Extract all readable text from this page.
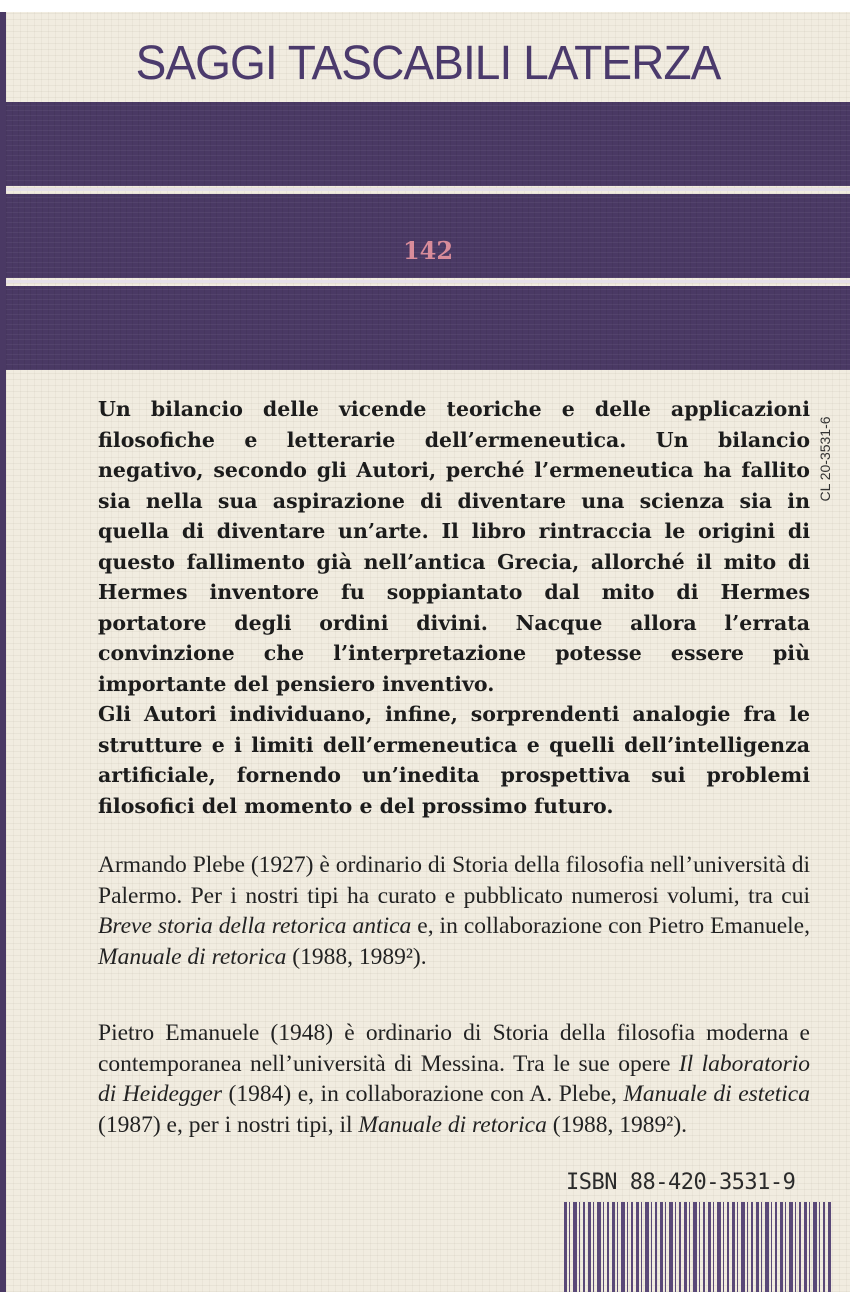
SAGGI TASCABILI LATERZA
142

Un bilancio delle vicende teoriche e delle applicazioni filosofiche e letterarie dell’ermeneutica. Un bilancio negativo, secondo gli Autori, perché l’ermeneutica ha fallito sia nella sua aspirazione di diventare una scienza sia in quella di diventare un’arte. Il libro rintraccia le origini di questo fallimento già nell’antica Grecia, allorché il mito di Hermes inventore fu soppiantato dal mito di Hermes portatore degli ordini divini. Nacque allora l’errata convinzione che l’interpretazione potesse essere più importante del pensiero inventivo.

Gli Autori individuano, infine, sorprendenti analogie fra le strutture e i limiti dell’ermeneutica e quelli dell’intelligenza artificiale, fornendo un’inedita prospettiva sui problemi filosofici del momento e del prossimo futuro.

CL 20-3531-6

Armando Plebe (1927) è ordinario di Storia della filosofia nell’università di Palermo. Per i nostri tipi ha curato e pubblicato numerosi volumi, tra cui Breve storia della retorica antica e, in collaborazione con Pietro Emanuele, Manuale di retorica (1988, 1989²).

Pietro Emanuele (1948) è ordinario di Storia della filosofia moderna e contemporanea nell’università di Messina. Tra le sue opere Il laboratorio di Heidegger (1984) e, in collaborazione con A. Plebe, Manuale di estetica (1987) e, per i nostri tipi, il Manuale di retorica (1988, 1989²).

ISBN 88-420-3531-9
